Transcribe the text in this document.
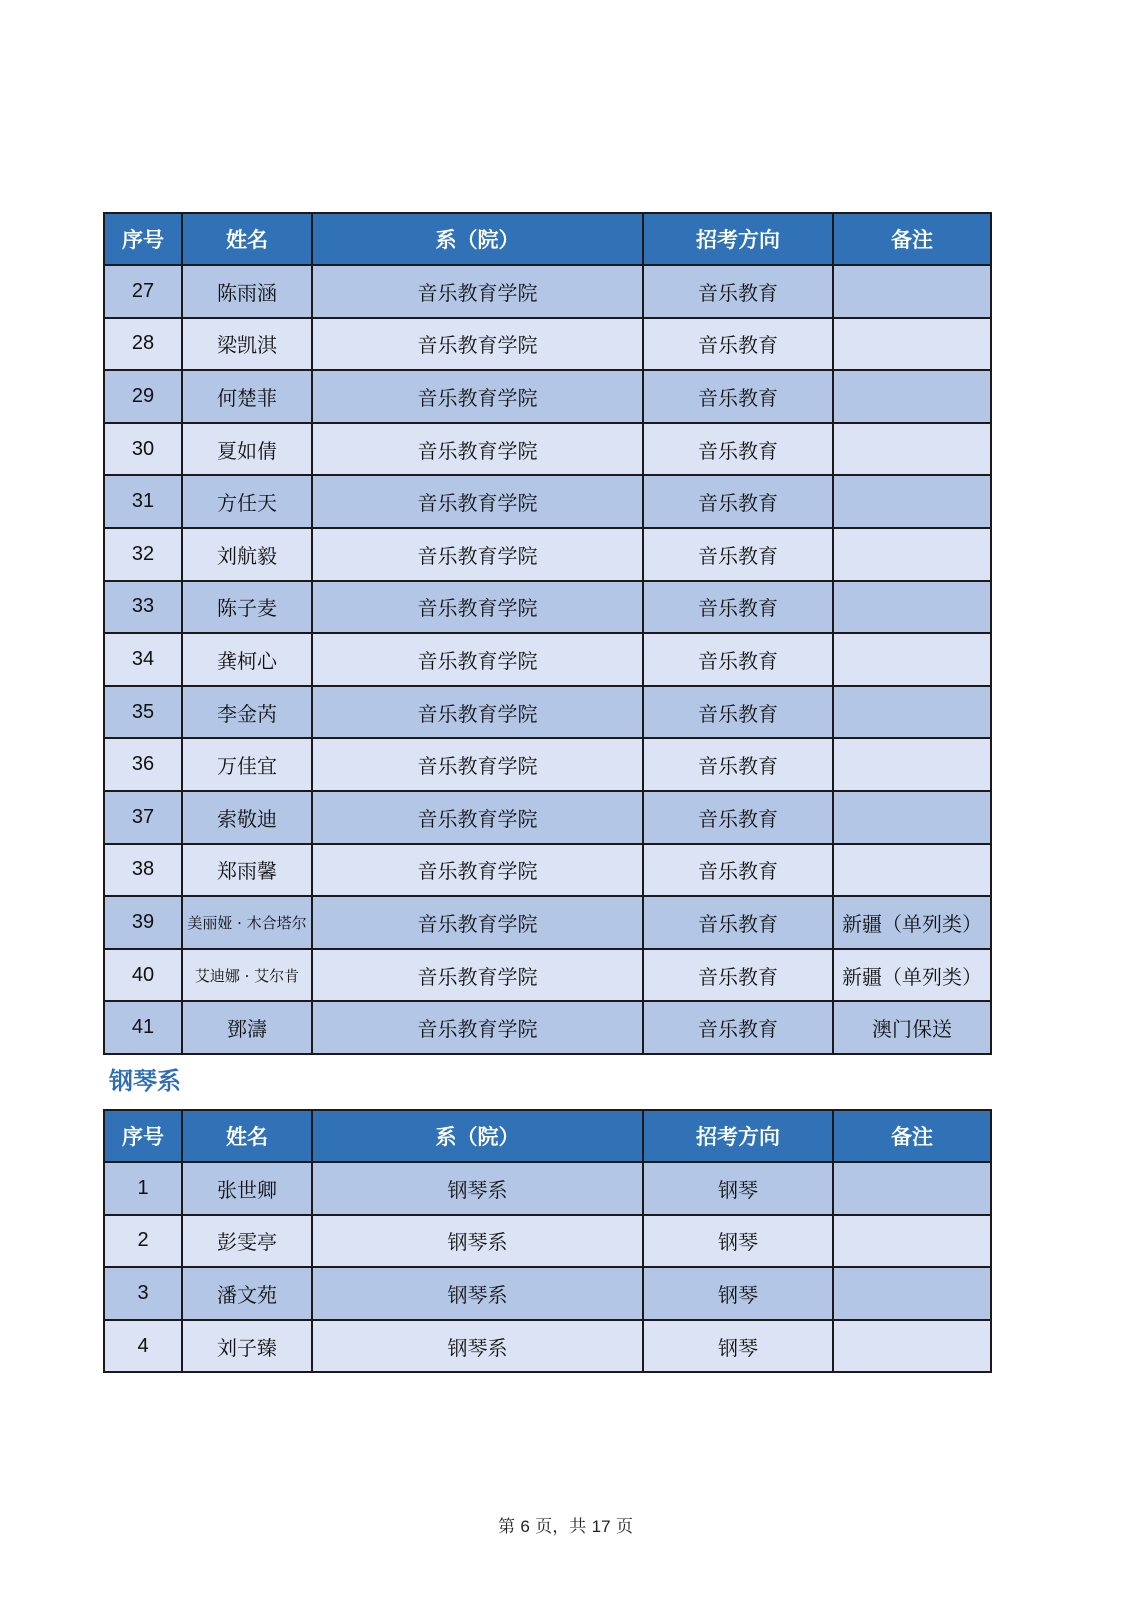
序号	姓名	系（院）	招考方向	备注
27	陈雨涵	音乐教育学院	音乐教育	
28	梁凯淇	音乐教育学院	音乐教育	
29	何楚菲	音乐教育学院	音乐教育	
30	夏如倩	音乐教育学院	音乐教育	
31	方任天	音乐教育学院	音乐教育	
32	刘航毅	音乐教育学院	音乐教育	
33	陈子麦	音乐教育学院	音乐教育	
34	龚柯心	音乐教育学院	音乐教育	
35	李金芮	音乐教育学院	音乐教育	
36	万佳宜	音乐教育学院	音乐教育	
37	索敬迪	音乐教育学院	音乐教育	
38	郑雨馨	音乐教育学院	音乐教育	
39	美丽娅 · 木合塔尔	音乐教育学院	音乐教育	新疆（单列类）
40	艾迪娜 · 艾尔肯	音乐教育学院	音乐教育	新疆（单列类）
41	鄧濤	音乐教育学院	音乐教育	澳门保送
钢琴系
序号	姓名	系（院）	招考方向	备注
1	张世卿	钢琴系	钢琴	
2	彭雯亭	钢琴系	钢琴	
3	潘文苑	钢琴系	钢琴	
4	刘子臻	钢琴系	钢琴	
第 6 页，共 17 页
